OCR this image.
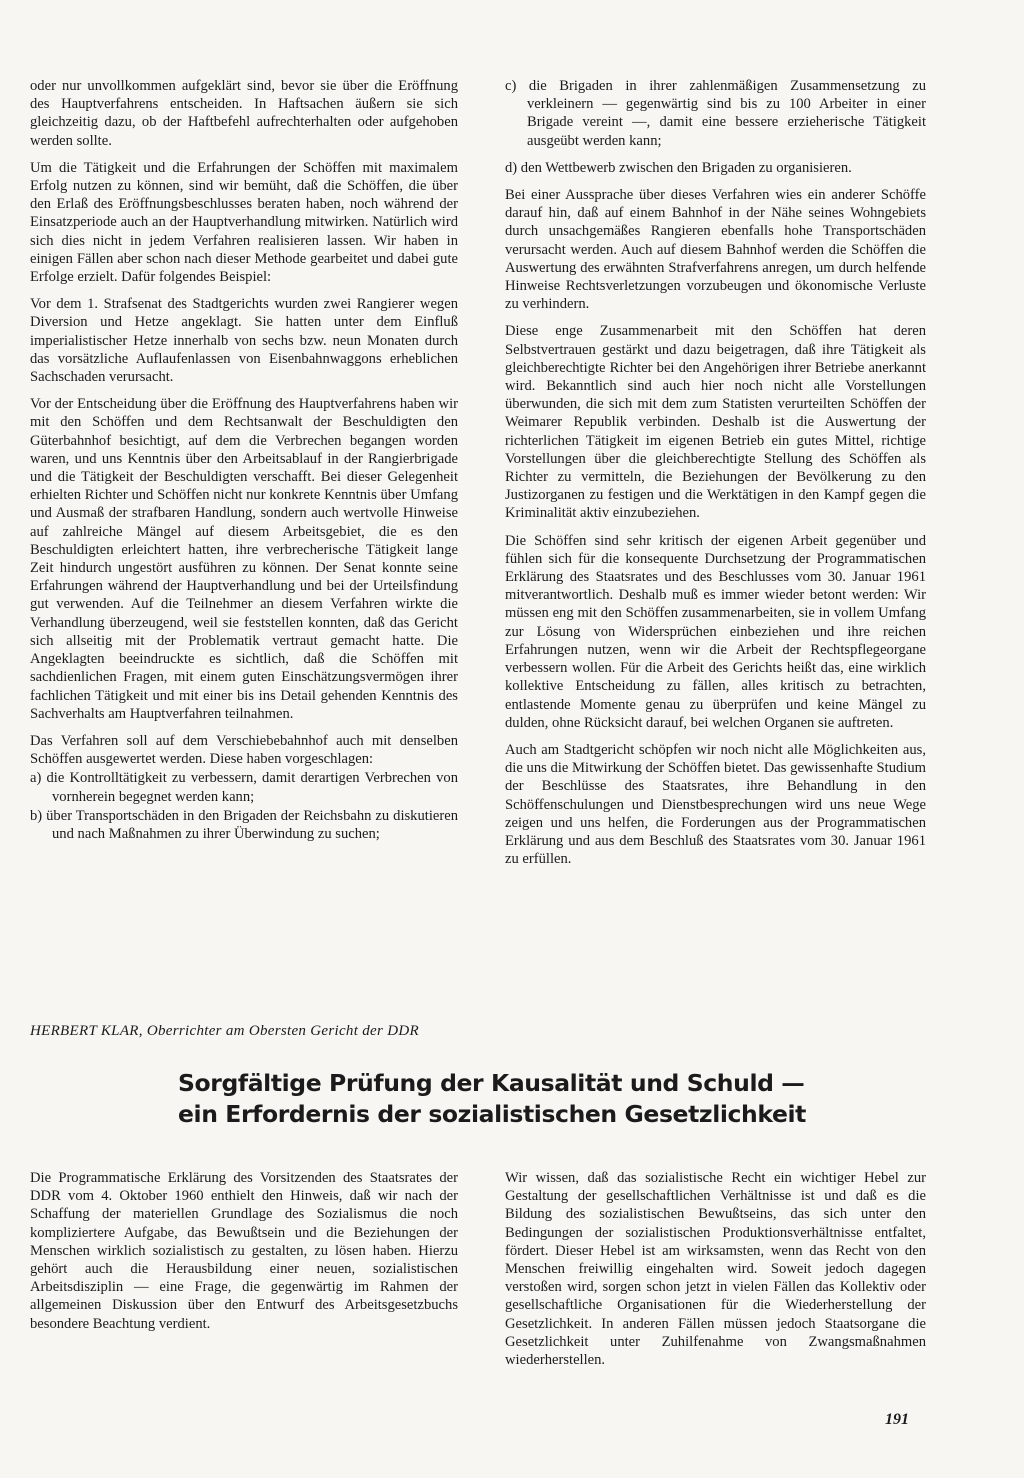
oder nur unvollkommen aufgeklärt sind, bevor sie über die Eröffnung des Hauptverfahrens entscheiden. In Haftsachen äußern sie sich gleichzeitig dazu, ob der Haftbefehl aufrechterhalten oder aufgehoben werden sollte.

Um die Tätigkeit und die Erfahrungen der Schöffen mit maximalem Erfolg nutzen zu können, sind wir bemüht, daß die Schöffen, die über den Erlaß des Eröffnungsbeschlusses beraten haben, noch während der Einsatzperiode auch an der Hauptverhandlung mitwirken. Natürlich wird sich dies nicht in jedem Verfahren realisieren lassen. Wir haben in einigen Fällen aber schon nach dieser Methode gearbeitet und dabei gute Erfolge erzielt. Dafür folgendes Beispiel:

Vor dem 1. Strafsenat des Stadtgerichts wurden zwei Rangierer wegen Diversion und Hetze angeklagt. Sie hatten unter dem Einfluß imperialistischer Hetze innerhalb von sechs bzw. neun Monaten durch das vorsätzliche Auflaufenlassen von Eisenbahnwaggons erheblichen Sachschaden verursacht.

Vor der Entscheidung über die Eröffnung des Hauptverfahrens haben wir mit den Schöffen und dem Rechtsanwalt der Beschuldigten den Güterbahnhof besichtigt, auf dem die Verbrechen begangen worden waren, und uns Kenntnis über den Arbeitsablauf in der Rangierbrigade und die Tätigkeit der Beschuldigten verschafft. Bei dieser Gelegenheit erhielten Richter und Schöffen nicht nur konkrete Kenntnis über Umfang und Ausmaß der strafbaren Handlung, sondern auch wertvolle Hinweise auf zahlreiche Mängel auf diesem Arbeitsgebiet, die es den Beschuldigten erleichtert hatten, ihre verbrecherische Tätigkeit lange Zeit hindurch ungestört ausführen zu können. Der Senat konnte seine Erfahrungen während der Hauptverhandlung und bei der Urteilsfindung gut verwenden. Auf die Teilnehmer an diesem Verfahren wirkte die Verhandlung überzeugend, weil sie feststellen konnten, daß das Gericht sich allseitig mit der Problematik vertraut gemacht hatte. Die Angeklagten beeindruckte es sichtlich, daß die Schöffen mit sachdienlichen Fragen, mit einem guten Einschätzungsvermögen ihrer fachlichen Tätigkeit und mit einer bis ins Detail gehenden Kenntnis des Sachverhalts am Hauptverfahren teilnahmen.

Das Verfahren soll auf dem Verschiebebahnhof auch mit denselben Schöffen ausgewertet werden. Diese haben vorgeschlagen:

a) die Kontrolltätigkeit zu verbessern, damit derartigen Verbrechen von vornherein begegnet werden kann;

b) über Transportschäden in den Brigaden der Reichsbahn zu diskutieren und nach Maßnahmen zu ihrer Überwindung zu suchen;

c) die Brigaden in ihrer zahlenmäßigen Zusammensetzung zu verkleinern — gegenwärtig sind bis zu 100 Arbeiter in einer Brigade vereint —, damit eine bessere erzieherische Tätigkeit ausgeübt werden kann;

d) den Wettbewerb zwischen den Brigaden zu organisieren.

Bei einer Aussprache über dieses Verfahren wies ein anderer Schöffe darauf hin, daß auf einem Bahnhof in der Nähe seines Wohngebiets durch unsachgemäßes Rangieren ebenfalls hohe Transportschäden verursacht werden. Auch auf diesem Bahnhof werden die Schöffen die Auswertung des erwähnten Strafverfahrens anregen, um durch helfende Hinweise Rechtsverletzungen vorzubeugen und ökonomische Verluste zu verhindern.

Diese enge Zusammenarbeit mit den Schöffen hat deren Selbstvertrauen gestärkt und dazu beigetragen, daß ihre Tätigkeit als gleichberechtigte Richter bei den Angehörigen ihrer Betriebe anerkannt wird. Bekanntlich sind auch hier noch nicht alle Vorstellungen überwunden, die sich mit dem zum Statisten verurteilten Schöffen der Weimarer Republik verbinden. Deshalb ist die Auswertung der richterlichen Tätigkeit im eigenen Betrieb ein gutes Mittel, richtige Vorstellungen über die gleichberechtigte Stellung des Schöffen als Richter zu vermitteln, die Beziehungen der Bevölkerung zu den Justizorganen zu festigen und die Werktätigen in den Kampf gegen die Kriminalität aktiv einzubeziehen.

Die Schöffen sind sehr kritisch der eigenen Arbeit gegenüber und fühlen sich für die konsequente Durchsetzung der Programmatischen Erklärung des Staatsrates und des Beschlusses vom 30. Januar 1961 mitverantwortlich. Deshalb muß es immer wieder betont werden: Wir müssen eng mit den Schöffen zusammenarbeiten, sie in vollem Umfang zur Lösung von Widersprüchen einbeziehen und ihre reichen Erfahrungen nutzen, wenn wir die Arbeit der Rechtspflegeorgane verbessern wollen. Für die Arbeit des Gerichts heißt das, eine wirklich kollektive Entscheidung zu fällen, alles kritisch zu betrachten, entlastende Momente genau zu überprüfen und keine Mängel zu dulden, ohne Rücksicht darauf, bei welchen Organen sie auftreten.

Auch am Stadtgericht schöpfen wir noch nicht alle Möglichkeiten aus, die uns die Mitwirkung der Schöffen bietet. Das gewissenhafte Studium der Beschlüsse des Staatsrates, ihre Behandlung in den Schöffenschulungen und Dienstbesprechungen wird uns neue Wege zeigen und uns helfen, die Forderungen aus der Programmatischen Erklärung und aus dem Beschluß des Staatsrates vom 30. Januar 1961 zu erfüllen.

HERBERT KLAR, Oberrichter am Obersten Gericht der DDR
Sorgfältige Prüfung der Kausalität und Schuld —
ein Erfordernis der sozialistischen Gesetzlichkeit

Die Programmatische Erklärung des Vorsitzenden des Staatsrates der DDR vom 4. Oktober 1960 enthielt den Hinweis, daß wir nach der Schaffung der materiellen Grundlage des Sozialismus die noch kompliziertere Aufgabe, das Bewußtsein und die Beziehungen der Menschen wirklich sozialistisch zu gestalten, zu lösen haben. Hierzu gehört auch die Herausbildung einer neuen, sozialistischen Arbeitsdisziplin — eine Frage, die gegenwärtig im Rahmen der allgemeinen Diskussion über den Entwurf des Arbeitsgesetzbuchs besondere Beachtung verdient.

Wir wissen, daß das sozialistische Recht ein wichtiger Hebel zur Gestaltung der gesellschaftlichen Verhältnisse ist und daß es die Bildung des sozialistischen Bewußtseins, das sich unter den Bedingungen der sozialistischen Produktionsverhältnisse entfaltet, fördert. Dieser Hebel ist am wirksamsten, wenn das Recht von den Menschen freiwillig eingehalten wird. Soweit jedoch dagegen verstoßen wird, sorgen schon jetzt in vielen Fällen das Kollektiv oder gesellschaftliche Organisationen für die Wiederherstellung der Gesetzlichkeit. In anderen Fällen müssen jedoch Staatsorgane die Gesetzlichkeit unter Zuhilfenahme von Zwangsmaßnahmen wiederherstellen.

191
